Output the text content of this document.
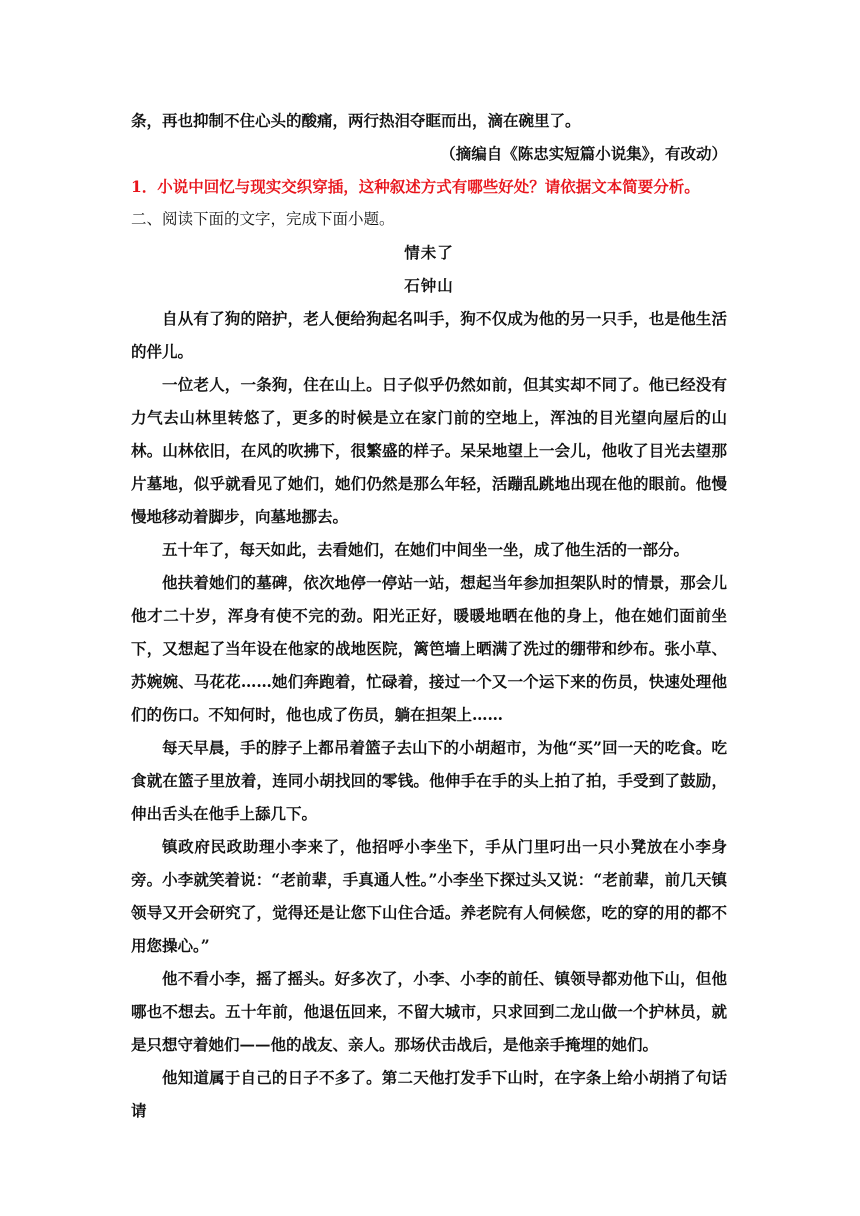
条，再也抑制不住心头的酸痛，两行热泪夺眶而出，滴在碗里了。

（摘编自《陈忠实短篇小说集》，有改动）

1．小说中回忆与现实交织穿插，这种叙述方式有哪些好处？请依据文本简要分析。

二、阅读下面的文字，完成下面小题。

情未了

石钟山

自从有了狗的陪护，老人便给狗起名叫手，狗不仅成为他的另一只手，也是他生活的伴儿。

一位老人，一条狗，住在山上。日子似乎仍然如前，但其实却不同了。他已经没有力气去山林里转悠了，更多的时候是立在家门前的空地上，浑浊的目光望向屋后的山林。山林依旧，在风的吹拂下，很繁盛的样子。呆呆地望上一会儿，他收了目光去望那片墓地，似乎就看见了她们，她们仍然是那么年轻，活蹦乱跳地出现在他的眼前。他慢慢地移动着脚步，向墓地挪去。

五十年了，每天如此，去看她们，在她们中间坐一坐，成了他生活的一部分。

他扶着她们的墓碑，依次地停一停站一站，想起当年参加担架队时的情景，那会儿他才二十岁，浑身有使不完的劲。阳光正好，暖暖地晒在他的身上，他在她们面前坐下，又想起了当年设在他家的战地医院，篱笆墙上晒满了洗过的绷带和纱布。张小草、苏婉婉、马花花……她们奔跑着，忙碌着，接过一个又一个运下来的伤员，快速处理他们的伤口。不知何时，他也成了伤员，躺在担架上……

每天早晨，手的脖子上都吊着篮子去山下的小胡超市，为他“买”回一天的吃食。吃食就在篮子里放着，连同小胡找回的零钱。他伸手在手的头上拍了拍，手受到了鼓励，伸出舌头在他手上舔几下。

镇政府民政助理小李来了，他招呼小李坐下，手从门里叼出一只小凳放在小李身旁。小李就笑着说：“老前辈，手真通人性。”小李坐下探过头又说：“老前辈，前几天镇领导又开会研究了，觉得还是让您下山住合适。养老院有人伺候您，吃的穿的用的都不用您操心。”

他不看小李，摇了摇头。好多次了，小李、小李的前任、镇领导都劝他下山，但他哪也不想去。五十年前，他退伍回来，不留大城市，只求回到二龙山做一个护林员，就是只想守着她们——他的战友、亲人。那场伏击战后，是他亲手掩埋的她们。

他知道属于自己的日子不多了。第二天他打发手下山时，在字条上给小胡捎了句话请
